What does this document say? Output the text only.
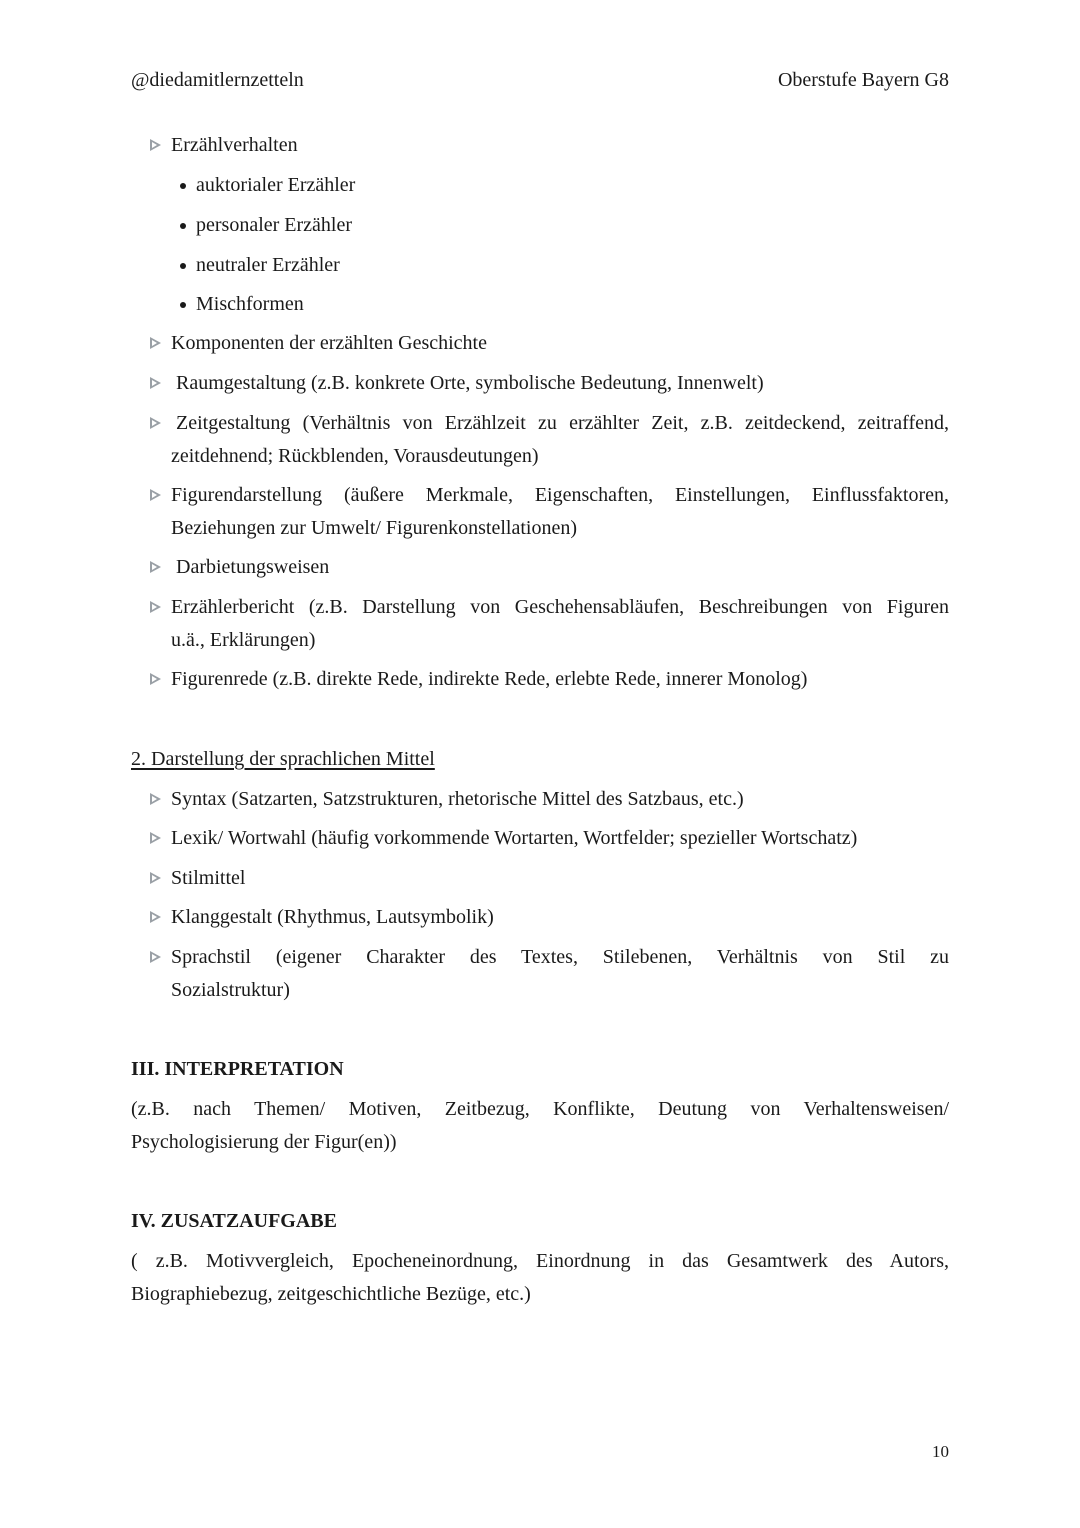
@diedamitlernzetteln	Oberstufe Bayern G8
Erzählverhalten
auktorialer Erzähler
personaler Erzähler
neutraler Erzähler
Mischformen
Komponenten der erzählten Geschichte
Raumgestaltung (z.B. konkrete Orte, symbolische Bedeutung, Innenwelt)
Zeitgestaltung (Verhältnis von Erzählzeit zu erzählter Zeit, z.B. zeitdeckend, zeitraffend,
zeitdehnend; Rückblenden, Vorausdeutungen)
Figurendarstellung (äußere Merkmale, Eigenschaften, Einstellungen, Einflussfaktoren,
Beziehungen zur Umwelt/ Figurenkonstellationen)
Darbietungsweisen
Erzählerbericht (z.B. Darstellung von Geschehensabläufen, Beschreibungen von Figuren
u.ä., Erklärungen)
Figurenrede (z.B. direkte Rede, indirekte Rede, erlebte Rede, innerer Monolog)
2. Darstellung der sprachlichen Mittel
Syntax (Satzarten, Satzstrukturen, rhetorische Mittel des Satzbaus, etc.)
Lexik/ Wortwahl (häufig vorkommende Wortarten, Wortfelder; spezieller Wortschatz)
Stilmittel
Klanggestalt (Rhythmus, Lautsymbolik)
Sprachstil (eigener Charakter des Textes, Stilebenen, Verhältnis von Stil zu
Sozialstruktur)
III. INTERPRETATION
(z.B. nach Themen/ Motiven, Zeitbezug, Konflikte, Deutung von Verhaltensweisen/
Psychologisierung der Figur(en))
IV. ZUSATZAUFGABE
( z.B. Motivvergleich, Epocheneinordnung, Einordnung in das Gesamtwerk des Autors,
Biographiebezug, zeitgeschichtliche Bezüge, etc.)
10
